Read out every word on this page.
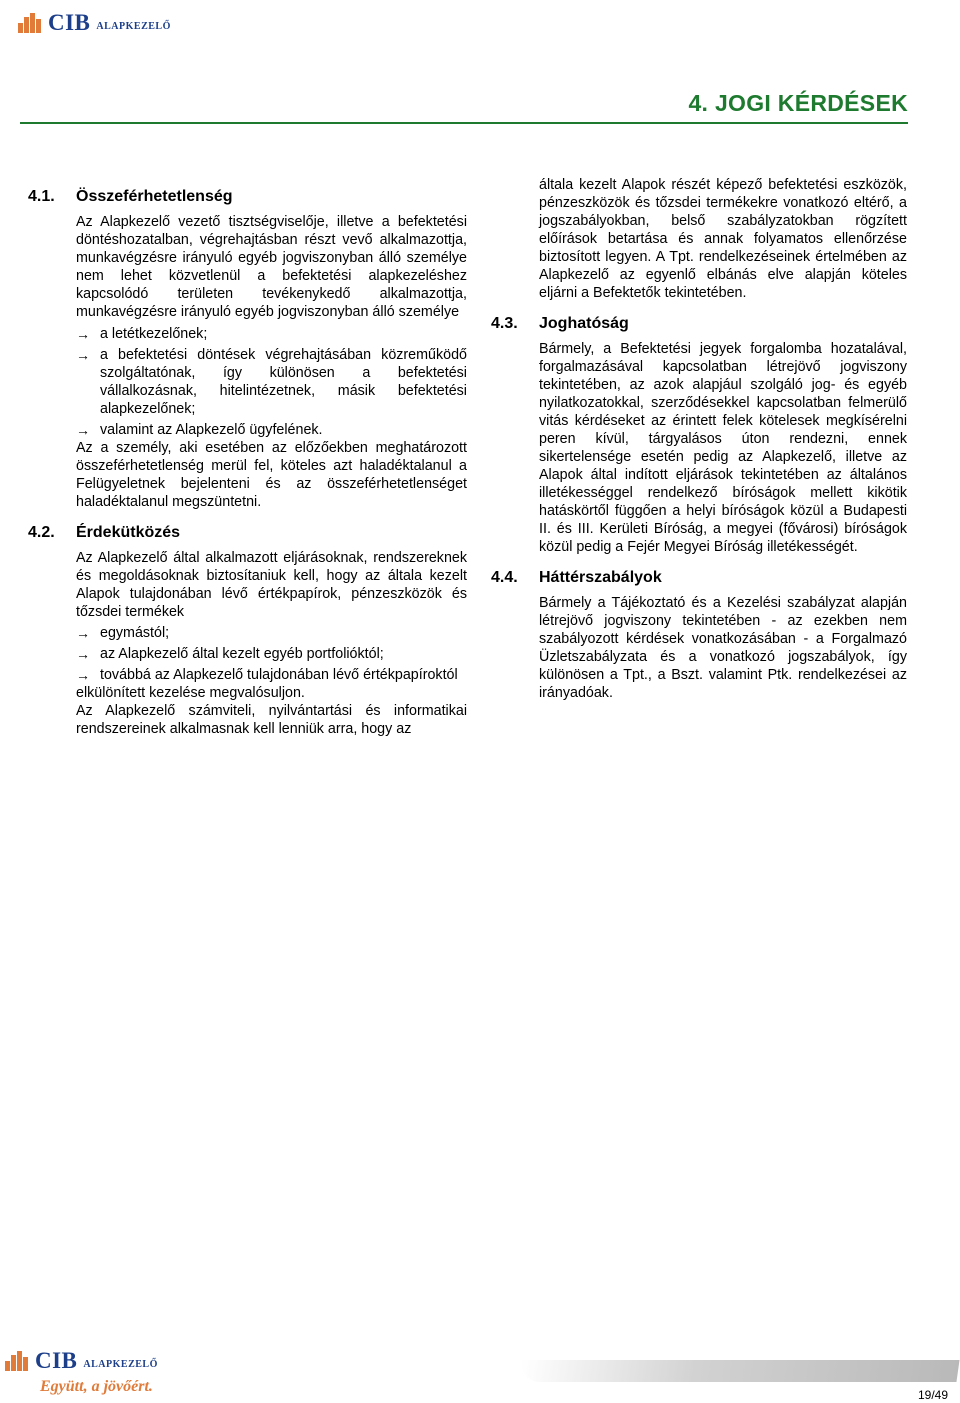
CIB ALAPKEZELŐ
4. JOGI KÉRDÉSEK
4.1.	Összeférhetetlenség

Az Alapkezelő vezető tisztségviselője, illetve a befektetési döntéshozatalban, végrehajtásban részt vevő alkalmazottja, munkavégzésre irányuló egyéb jogviszonyban álló személye nem lehet közvetlenül a befektetési alapkezeléshez kapcsolódó területen tevékenykedő alkalmazottja, munkavégzésre irányuló egyéb jogviszonyban álló személye

→ a letétkezelőnek;
→ a befektetési döntések végrehajtásában közreműködő szolgáltatónak, így különösen a befektetési vállalkozásnak, hitelintézetnek, másik befektetési alapkezelőnek;
→ valamint az Alapkezelő ügyfelének.

Az a személy, aki esetében az előzőekben meghatározott összeférhetetlenség merül fel, köteles azt haladéktalanul a Felügyeletnek bejelenteni és az összeférhetetlenséget haladéktalanul megszüntetni.

4.2.	Érdekütközés

Az Alapkezelő által alkalmazott eljárásoknak, rendszereknek és megoldásoknak biztosítaniuk kell, hogy az általa kezelt Alapok tulajdonában lévő értékpapírok, pénzeszközök és tőzsdei termékek

→ egymástól;
→ az Alapkezelő által kezelt egyéb portfolióktól;
→ továbbá az Alapkezelő tulajdonában lévő értékpapíroktól

elkülönített kezelése megvalósuljon.

Az Alapkezelő számviteli, nyilvántartási és informatikai rendszereinek alkalmasnak kell lenniük arra, hogy az

általa kezelt Alapok részét képező befektetési eszközök, pénzeszközök és tőzsdei termékekre vonatkozó eltérő, a jogszabályokban, belső szabályzatokban rögzített előírások betartása és annak folyamatos ellenőrzése biztosított legyen. A Tpt. rendelkezéseinek értelmében az Alapkezelő az egyenlő elbánás elve alapján köteles eljárni a Befektetők tekintetében.

4.3.	Joghatóság

Bármely, a Befektetési jegyek forgalomba hozatalával, forgalmazásával kapcsolatban létrejövő jogviszony tekintetében, az azok alapjául szolgáló jog- és egyéb nyilatkozatokkal, szerződésekkel kapcsolatban felmerülő vitás kérdéseket az érintett felek kötelesek megkísérelni peren kívül, tárgyalásos úton rendezni, ennek sikertelensége esetén pedig az Alapkezelő, illetve az Alapok által indított eljárások tekintetében az általános illetékességgel rendelkező bíróságok mellett kikötik hatáskörtől függően a helyi bíróságok közül a Budapesti II. és III. Kerületi Bíróság, a megyei (fővárosi) bíróságok közül pedig a Fejér Megyei Bíróság illetékességét.

4.4.	Háttérszabályok

Bármely a Tájékoztató és a Kezelési szabályzat alapján létrejövő jogviszony tekintetében - az ezekben nem szabályozott kérdések vonatkozásában - a Forgalmazó Üzletszabályzata és a vonatkozó jogszabályok, így különösen a Tpt., a Bszt. valamint Ptk. rendelkezései az irányadóak.

CIB ALAPKEZELŐ
Együtt, a jövőért.	19/49
